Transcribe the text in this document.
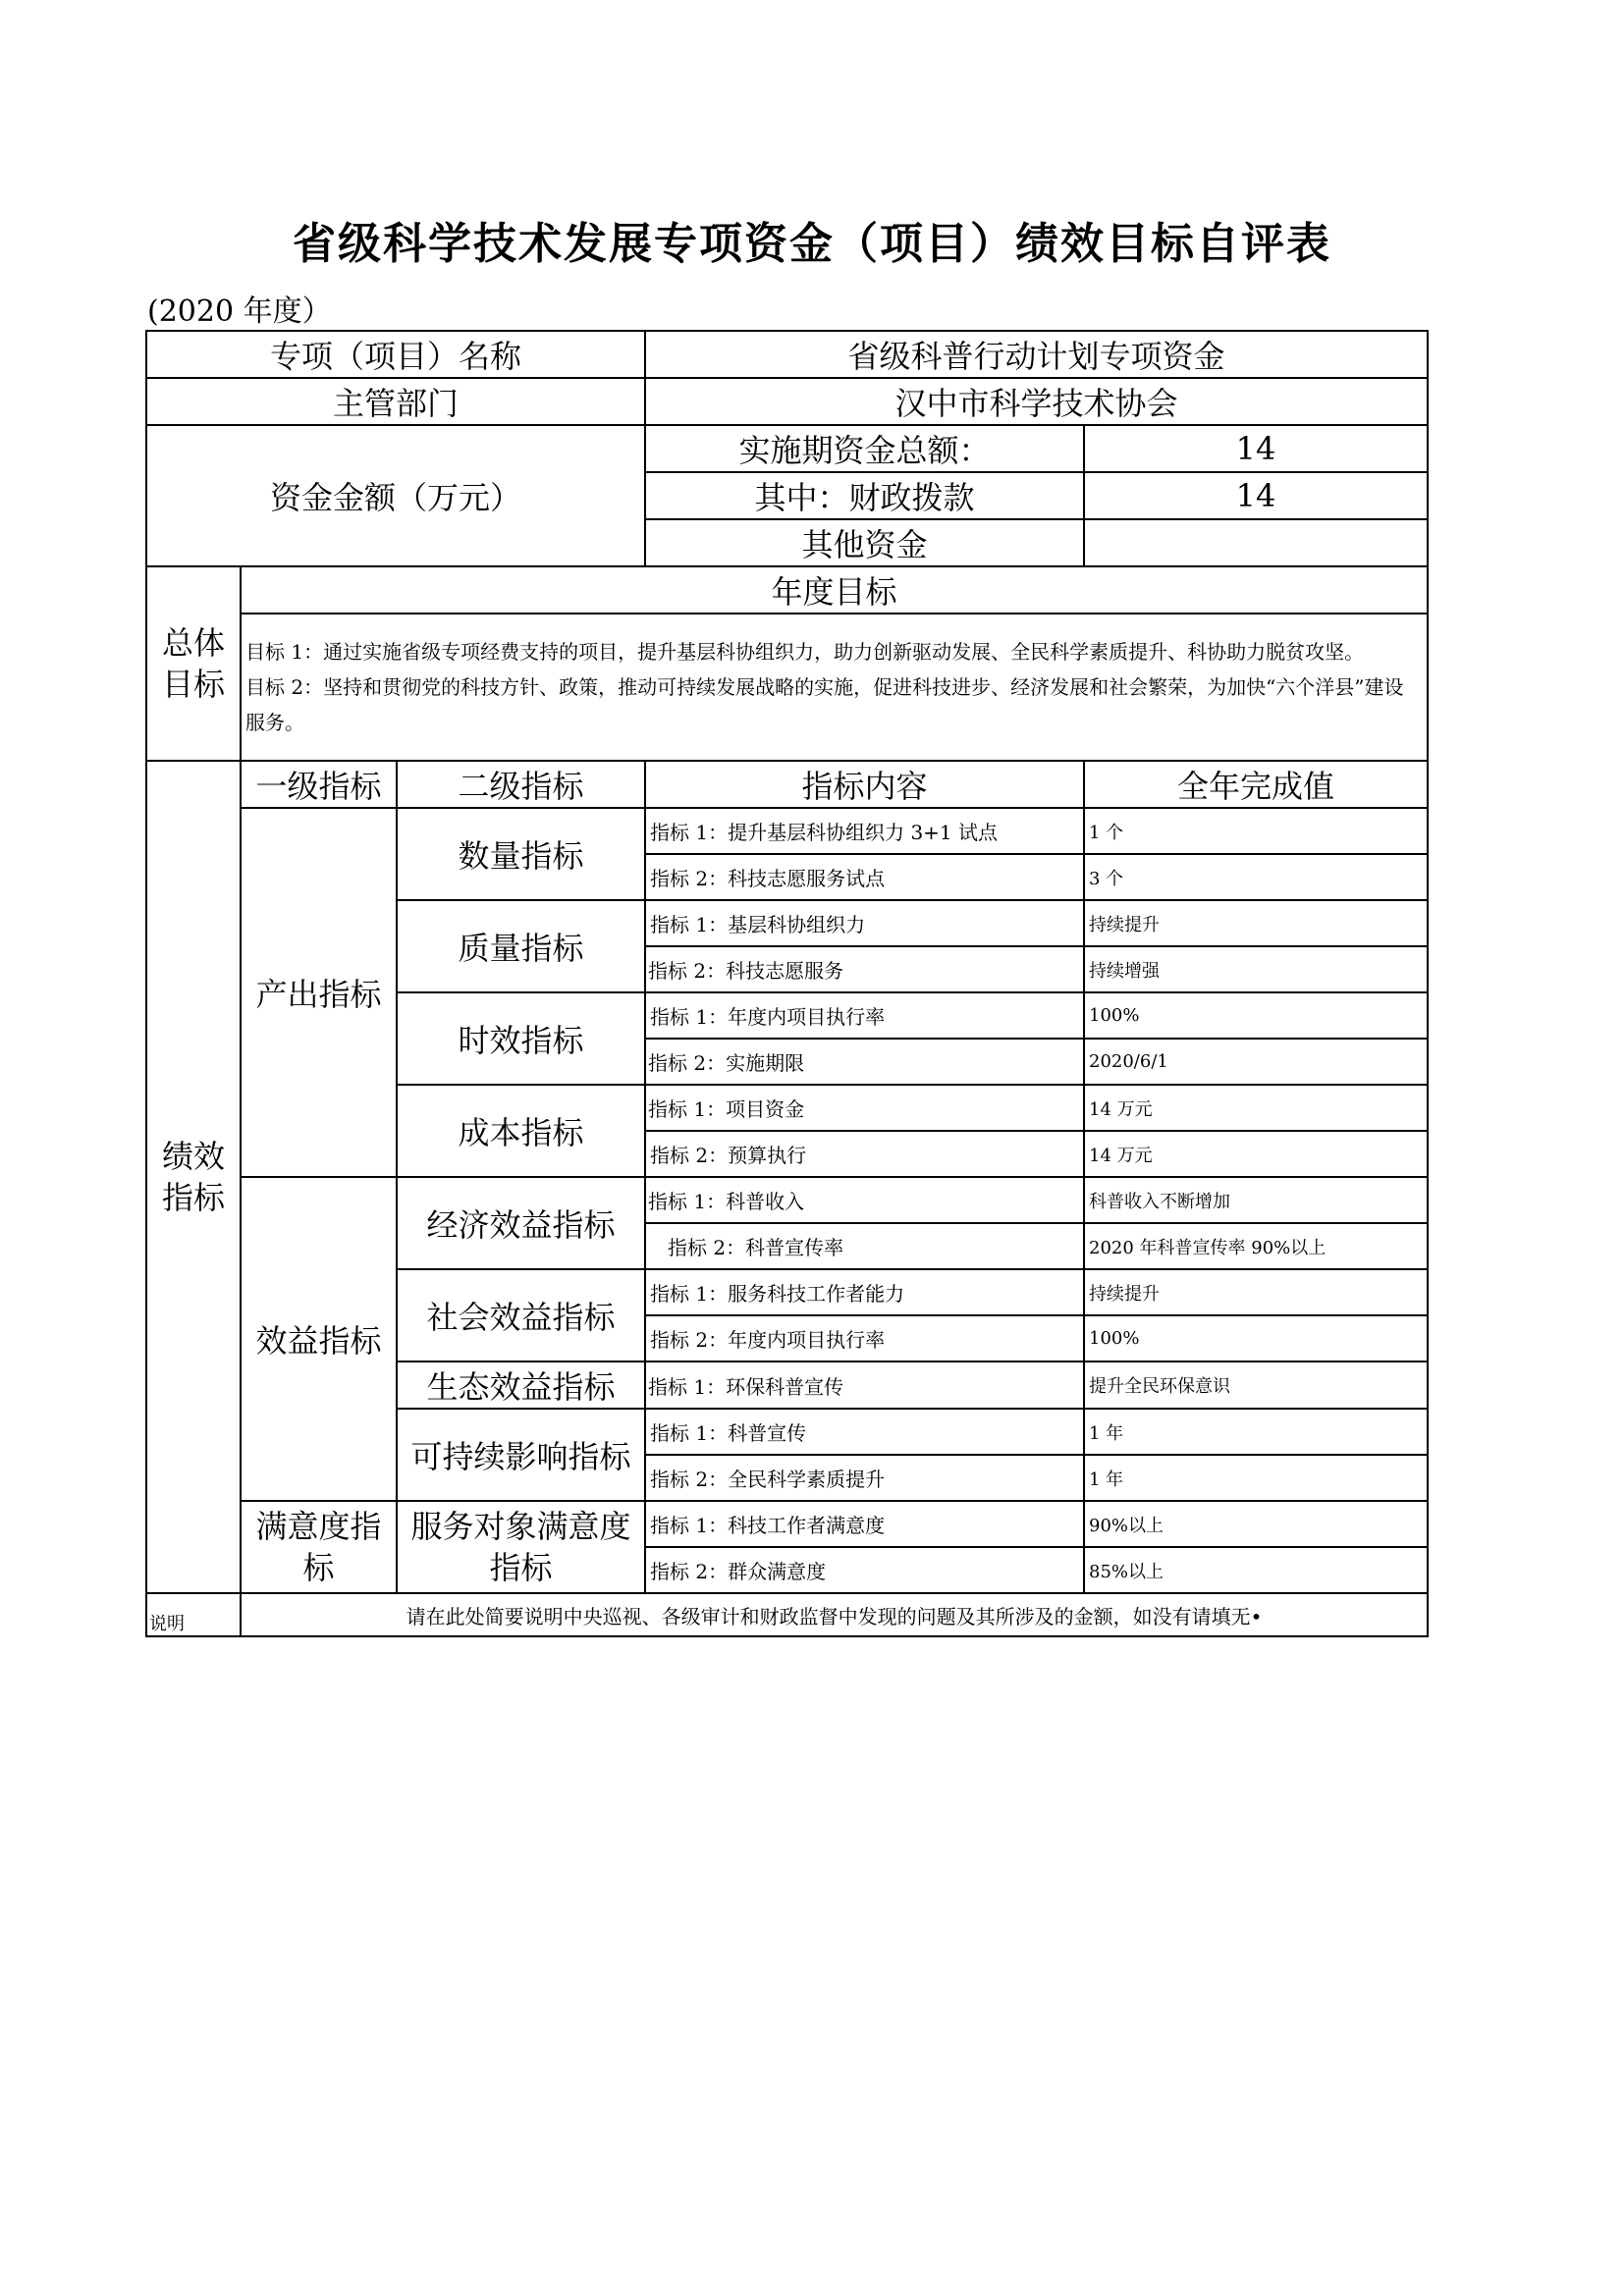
省级科学技术发展专项资金（项目）绩效目标自评表
(2020 年度）
专项（项目）名称			省级科普行动计划专项资金	
主管部门			汉中市科学技术协会	
资金金额（万元）			实施期资金总额：	14
			其中：财政拨款	14
			其他资金	
总体目标	年度目标			

	目标 1：通过实施省级专项经费支持的项目，提升基层科协组织力，助力创新驱动发展、全民科学素质提升、科协助力脱贫攻坚。
目标 2：坚持和贯彻党的科技方针、政策，推动可持续发展战略的实施，促进科技进步、经济发展和社会繁荣，为加快“六个洋县”建设服务。			

绩效指标	一级指标	二级指标	指标内容	全年完成值
	产出指标	数量指标	指标 1：提升基层科协组织力 3+1 试点	1 个
			指标 2：科技志愿服务试点	3 个
		质量指标	指标 1：基层科协组织力	持续提升
			指标 2：科技志愿服务	持续增强
		时效指标	指标 1：年度内项目执行率	100%
			指标 2：实施期限	2020/6/1
		成本指标	指标 1：项目资金	14 万元
			指标 2：预算执行	14 万元
	效益指标	经济效益指标	指标 1：科普收入	科普收入不断增加
			指标 2：科普宣传率	2020 年科普宣传率 90%以上
		社会效益指标	指标 1：服务科技工作者能力	持续提升
			指标 2：年度内项目执行率	100%
		生态效益指标	指标 1：环保科普宣传	提升全民环保意识
		可持续影响指标	指标 1：科普宣传	1 年
			指标 2：全民科学素质提升	1 年
	满意度指标	服务对象满意度指标	指标 1：科技工作者满意度	90%以上
			指标 2：群众满意度	85%以上
说明	请在此处简要说明中央巡视、各级审计和财政监督中发现的问题及其所涉及的金额，如没有请填无•			
